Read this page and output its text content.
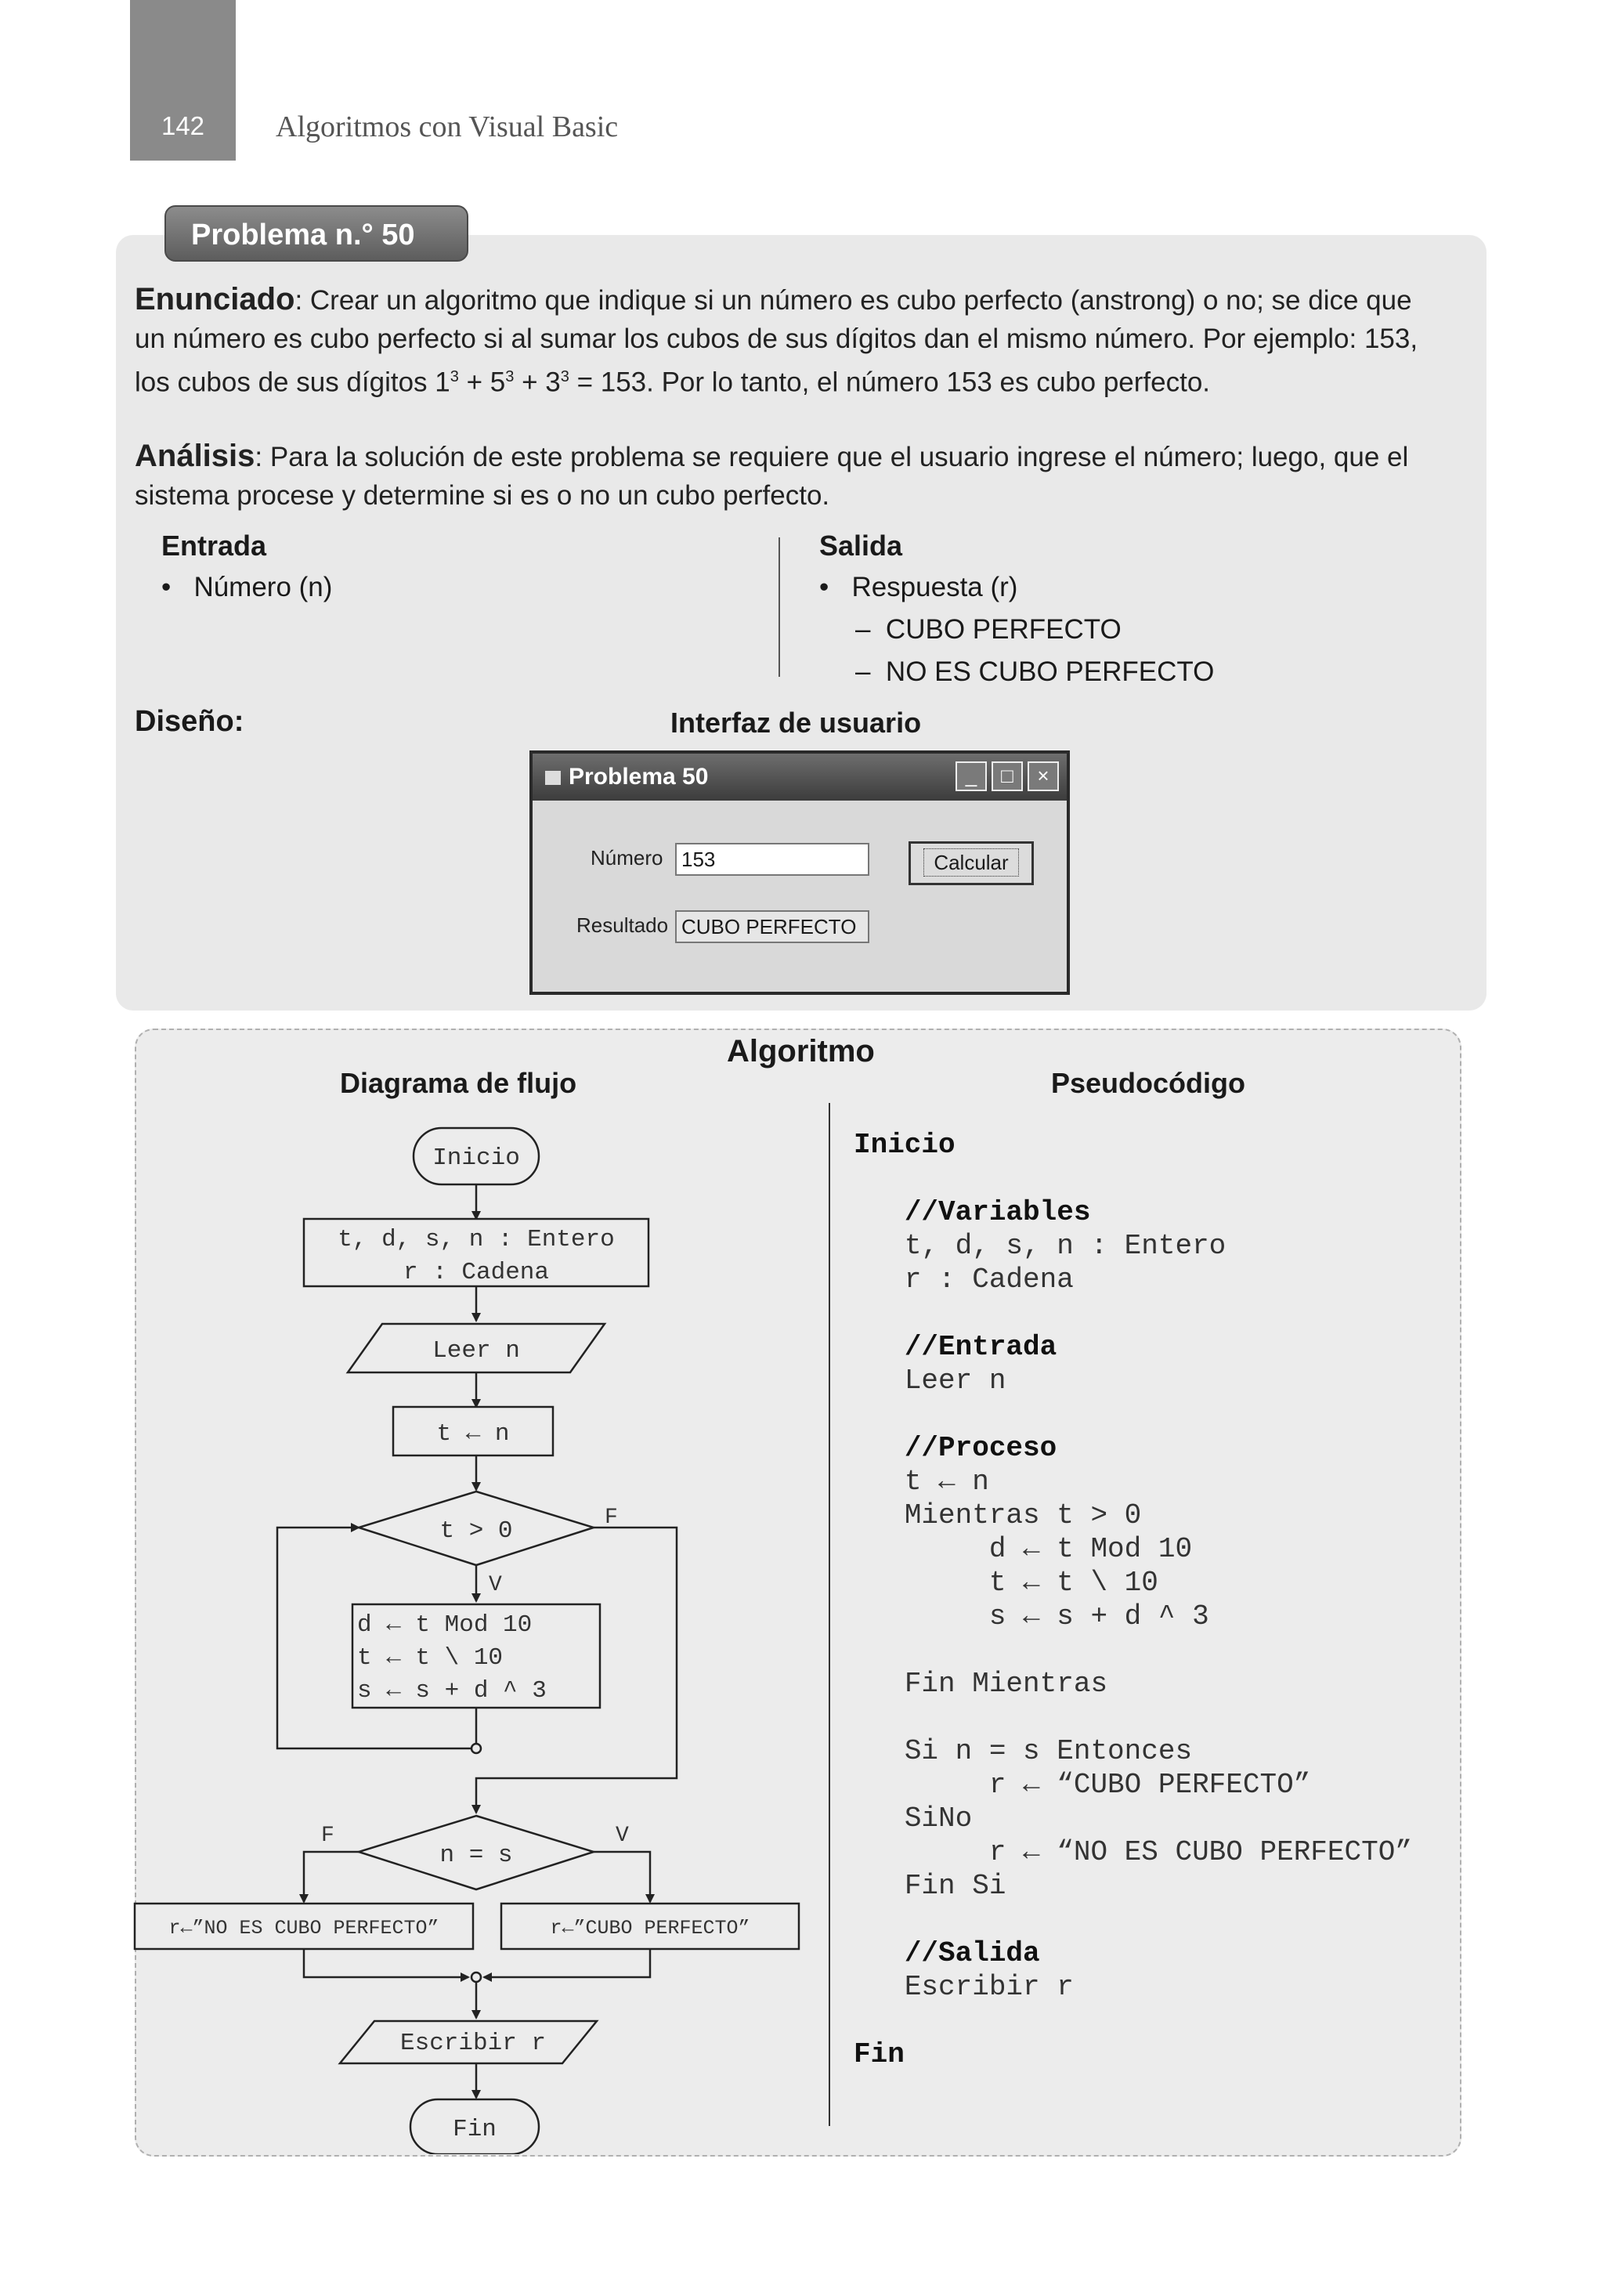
142	Algoritmos con Visual Basic
Problema n.° 50
Enunciado: Crear un algoritmo que indique si un número es cubo perfecto (anstrong) o no; se dice que
un número es cubo perfecto si al sumar los cubos de sus dígitos dan el mismo número. Por ejemplo: 153,
los cubos de sus dígitos $1^3 + 5^3 + 3^3 = 153$. Por lo tanto, el número 153 es cubo perfecto.
Análisis: Para la solución de este problema se requiere que el usuario ingrese el número; luego, que el
sistema procese y determine si es o no un cubo perfecto.
Entrada
•   Número (n)
Salida
•   Respuesta (r)
–  CUBO PERFECTO
–  NO ES CUBO PERFECTO
Diseño:	Interfaz de usuario
Problema 50	_	□	×
Número 153	Calcular
Resultado CUBO PERFECTO
Algoritmo
Diagrama de flujo	Pseudocódigo
Inicio
t, d, s, n : Entero
r : Cadena
Leer n
t ← n
t > 0	F
V
d ← t Mod 10
t ← t \ 10
s ← s + d ^ 3
n = s
F	V
r←”NO ES CUBO PERFECTO”	r←”CUBO PERFECTO”
Escribir r
Fin
Inicio

//Variables
t, d, s, n : Entero
r : Cadena

//Entrada
Leer n

//Proceso
t ← n
Mientras t > 0
d ← t Mod 10
t ← t \ 10
s ← s + d ^ 3

Fin Mientras

Si n = s Entonces
r ← “CUBO PERFECTO”
SiNo
r ← “NO ES CUBO PERFECTO”
Fin Si

//Salida
Escribir r

Fin
